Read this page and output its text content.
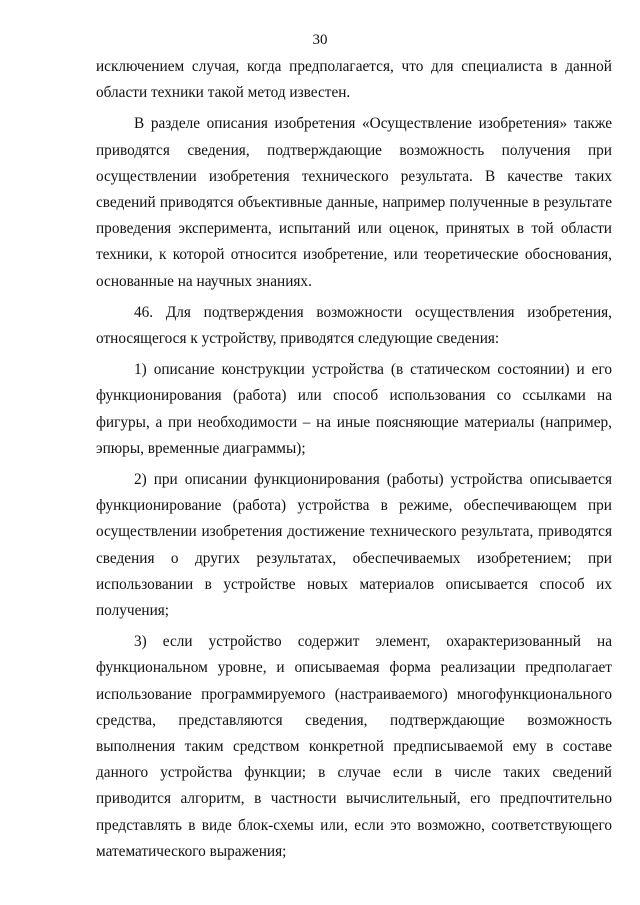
30

исключением случая, когда предполагается, что для специалиста в данной области техники такой метод известен.

В разделе описания изобретения «Осуществление изобретения» также приводятся сведения, подтверждающие возможность получения при осуществлении изобретения технического результата. В качестве таких сведений приводятся объективные данные, например полученные в результате проведения эксперимента, испытаний или оценок, принятых в той области техники, к которой относится изобретение, или теоретические обоснования, основанные на научных знаниях.

46. Для подтверждения возможности осуществления изобретения, относящегося к устройству, приводятся следующие сведения:

1) описание конструкции устройства (в статическом состоянии) и его функционирования (работа) или способ использования со ссылками на фигуры, а при необходимости – на иные поясняющие материалы (например, эпюры, временные диаграммы);

2) при описании функционирования (работы) устройства описывается функционирование (работа) устройства в режиме, обеспечивающем при осуществлении изобретения достижение технического результата, приводятся сведения о других результатах, обеспечиваемых изобретением; при использовании в устройстве новых материалов описывается способ их получения;

3) если устройство содержит элемент, охарактеризованный на функциональном уровне, и описываемая форма реализации предполагает использование программируемого (настраиваемого) многофункционального средства, представляются сведения, подтверждающие возможность выполнения таким средством конкретной предписываемой ему в составе данного устройства функции; в случае если в числе таких сведений приводится алгоритм, в частности вычислительный, его предпочтительно представлять в виде блок-схемы или, если это возможно, соответствующего математического выражения;
